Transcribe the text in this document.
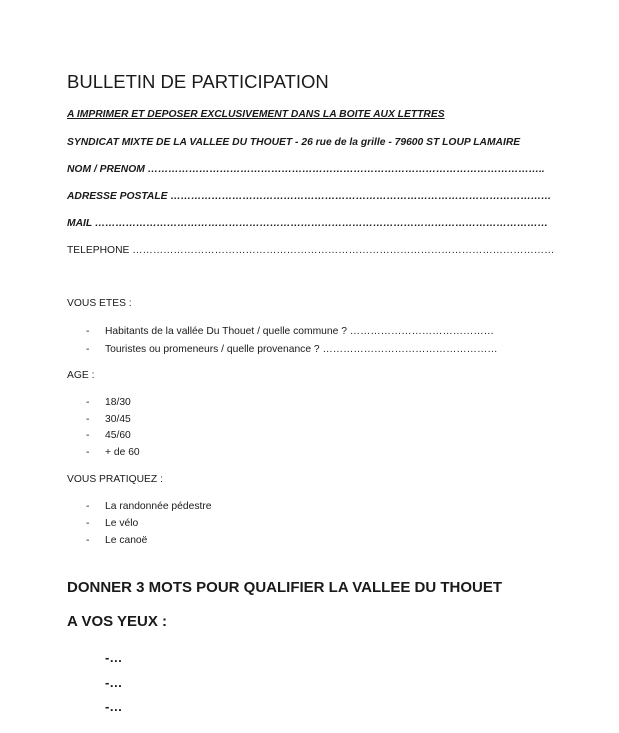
BULLETIN DE PARTICIPATION
A IMPRIMER ET DEPOSER EXCLUSIVEMENT DANS LA BOITE AUX LETTRES
SYNDICAT MIXTE DE LA VALLEE DU THOUET - 26 rue de la grille - 79600 ST LOUP LAMAIRE
NOM / PRENOM ……………………………………………………………………………………………………..
ADRESSE POSTALE …………………………………………………………………………………………………
MAIL ……………………………………………………………………………………………………………………
TELEPHONE ……………………………………………………………………………………………………………
VOUS ETES :
- Habitants de la vallée Du Thouet / quelle commune ? ……………………………………
- Touristes ou promeneurs / quelle provenance ? ……………………………………………
AGE :
- 18/30
- 30/45
- 45/60
- + de 60
VOUS PRATIQUEZ :
- La randonnée pédestre
- Le vélo
- Le canoë
DONNER 3 MOTS POUR QUALIFIER LA VALLEE DU THOUET
A VOS YEUX :
-…
-…
-…
